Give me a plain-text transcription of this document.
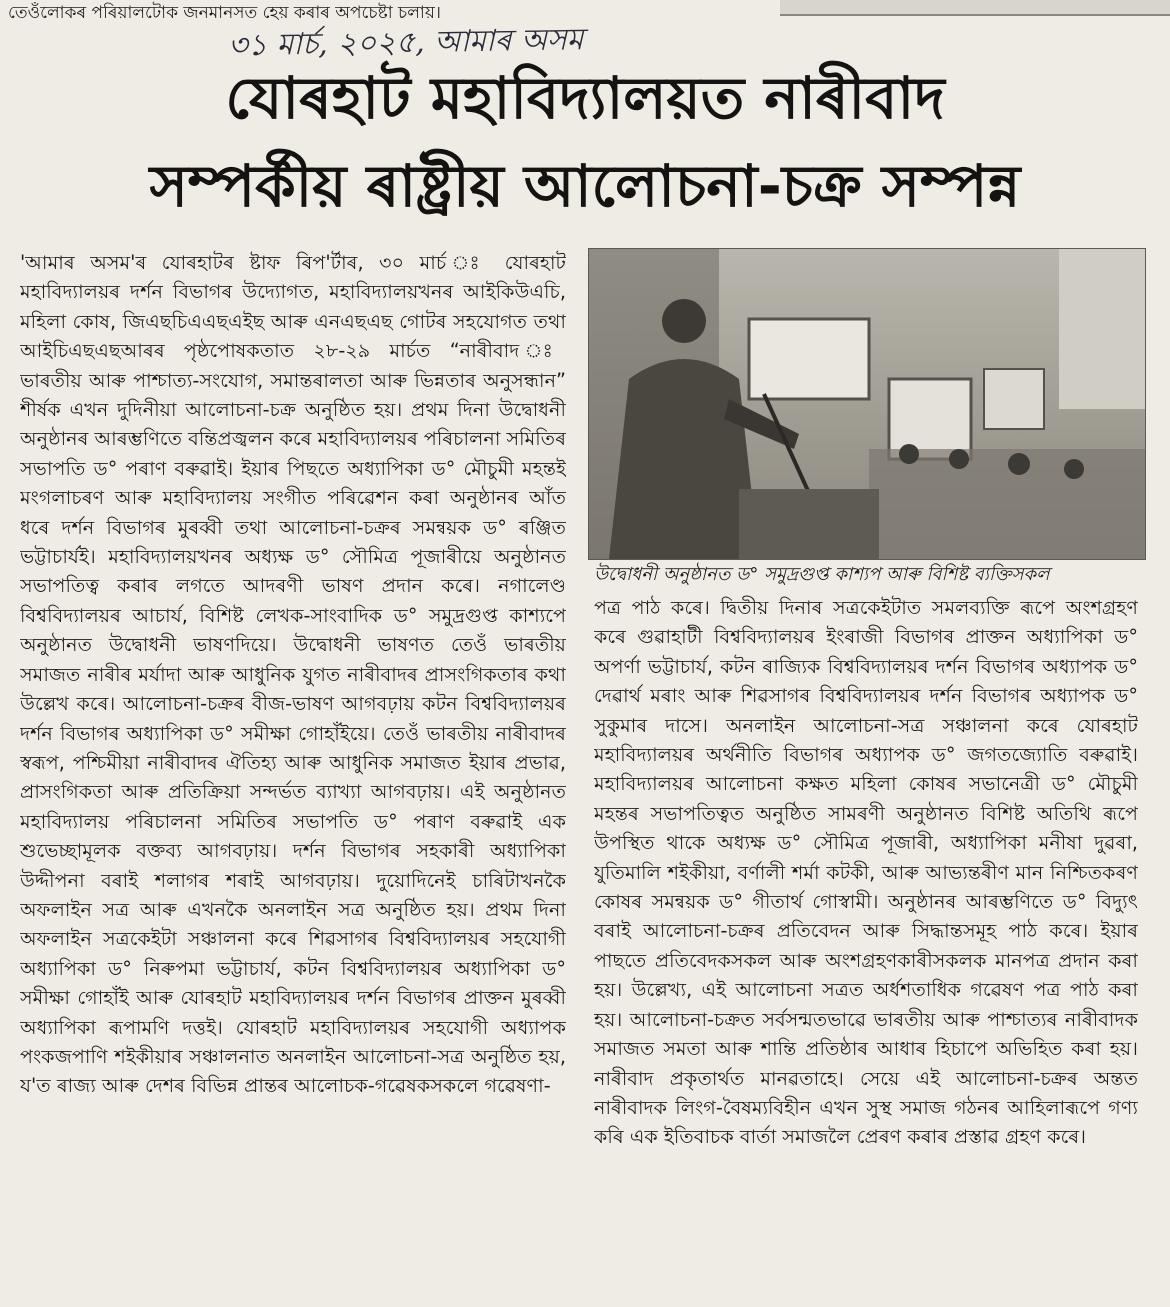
তেওঁলোকৰ পৰিয়ালটোক জনমানসত হেয় কৰাৰ অপচেষ্টা চলায়।
৩১ মাৰ্চ, ২০২৫, আমাৰ অসম
যোৰহাট মহাবিদ্যালয়ত নাৰীবাদ
সম্পৰ্কীয় ৰাষ্ট্ৰীয় আলোচনা-চক্ৰ সম্পন্ন

'আমাৰ অসম'ৰ যোৰহাটৰ ষ্টাফ ৰিপ'ৰ্টাৰ, ৩০ মাৰ্চ ঃ যোৰহাট মহাবিদ্যালয়ৰ দৰ্শন বিভাগৰ উদ্যোগত, মহাবিদ্যালয়খনৰ আইকিউএচি, মহিলা কোষ, জিএছচিএএছএইছ আৰু এনএছএছ গোটৰ সহযোগত তথা আইচিএছএছআৰৰ পৃষ্ঠপোষকতাত ২৮-২৯ মাৰ্চত “নাৰীবাদ ঃ ভাৰতীয় আৰু পাশ্চাত্য-সংযোগ, সমান্তৰালতা আৰু ভিন্নতাৰ অনুসন্ধান” শীৰ্ষক এখন দুদিনীয়া আলোচনা-চক্ৰ অনুষ্ঠিত হয়। প্ৰথম দিনা উদ্বোধনী অনুষ্ঠানৰ আৰম্ভণিতে বন্তিপ্ৰজ্বলন কৰে মহাবিদ্যালয়ৰ পৰিচালনা সমিতিৰ সভাপতি ড° পৰাণ বৰুৱাই। ইয়াৰ পিছতে অধ্যাপিকা ড° মৌচুমী মহন্তই মংগলাচৰণ আৰু মহাবিদ্যালয় সংগীত পৰিৱেশন কৰা অনুষ্ঠানৰ আঁত ধৰে দৰ্শন বিভাগৰ মুৰব্বী তথা আলোচনা-চক্ৰৰ সমন্বয়ক ড° ৰঞ্জিত ভট্টাচাৰ্যই। মহাবিদ্যালয়খনৰ অধ্যক্ষ ড° সৌমিত্ৰ পূজাৰীয়ে অনুষ্ঠানত সভাপতিত্ব কৰাৰ লগতে আদৰণী ভাষণ প্ৰদান কৰে। নগালেণ্ড বিশ্ববিদ্যালয়ৰ আচাৰ্য, বিশিষ্ট লেখক-সাংবাদিক ড° সমুদ্ৰগুপ্ত কাশ্যপে অনুষ্ঠানত উদ্বোধনী ভাষণদিয়ে। উদ্বোধনী ভাষণত তেওঁ ভাৰতীয় সমাজত নাৰীৰ মৰ্যাদা আৰু আধুনিক যুগত নাৰীবাদৰ প্ৰাসংগিকতাৰ কথা উল্লেখ কৰে। আলোচনা-চক্ৰৰ বীজ-ভাষণ আগবঢ়ায় কটন বিশ্ববিদ্যালয়ৰ দৰ্শন বিভাগৰ অধ্যাপিকা ড° সমীক্ষা গোহাঁইয়ে। তেওঁ ভাৰতীয় নাৰীবাদৰ স্বৰূপ, পশ্চিমীয়া নাৰীবাদৰ ঐতিহ্য আৰু আধুনিক সমাজত ইয়াৰ প্ৰভাৱ, প্ৰাসংগিকতা আৰু প্ৰতিক্ৰিয়া সন্দৰ্ভত ব্যাখ্যা আগবঢ়ায়। এই অনুষ্ঠানত মহাবিদ্যালয় পৰিচালনা সমিতিৰ সভাপতি ড° পৰাণ বৰুৱাই এক শুভেচ্ছামূলক বক্তব্য আগবঢ়ায়। দৰ্শন বিভাগৰ সহকাৰী অধ্যাপিকা উদ্দীপনা বৰাই শলাগৰ শৰাই আগবঢ়ায়। দুয়োদিনেই চাৰিটাখনকৈ অফলাইন সত্ৰ আৰু এখনকৈ অনলাইন সত্ৰ অনুষ্ঠিত হয়। প্ৰথম দিনা অফলাইন সত্ৰকেইটা সঞ্চালনা কৰে শিৱসাগৰ বিশ্ববিদ্যালয়ৰ সহযোগী অধ্যাপিকা ড° নিৰুপমা ভট্টাচাৰ্য, কটন বিশ্ববিদ্যালয়ৰ অধ্যাপিকা ড° সমীক্ষা গোহাঁই আৰু যোৰহাট মহাবিদ্যালয়ৰ দৰ্শন বিভাগৰ প্ৰাক্তন মুৰব্বী অধ্যাপিকা ৰূপামণি দত্তই। যোৰহাট মহাবিদ্যালয়ৰ সহযোগী অধ্যাপক পংকজপাণি শইকীয়াৰ সঞ্চালনাত অনলাইন আলোচনা-সত্ৰ অনুষ্ঠিত হয়, য'ত ৰাজ্য আৰু দেশৰ বিভিন্ন প্ৰান্তৰ আলোচক-গৱেষকসকলে গৱেষণা-

উদ্বোধনী অনুষ্ঠানত ড° সমুদ্ৰগুপ্ত কাশ্যপ আৰু বিশিষ্ট ব্যক্তিসকল

পত্ৰ পাঠ কৰে। দ্বিতীয় দিনাৰ সত্ৰকেইটাত সমলব্যক্তি ৰূপে অংশগ্ৰহণ কৰে গুৱাহাটী বিশ্ববিদ্যালয়ৰ ইংৰাজী বিভাগৰ প্ৰাক্তন অধ্যাপিকা ড° অপৰ্ণা ভট্টাচাৰ্য, কটন ৰাজ্যিক বিশ্ববিদ্যালয়ৰ দৰ্শন বিভাগৰ অধ্যাপক ড° দেৱাৰ্থ মৰাং আৰু শিৱসাগৰ বিশ্ববিদ্যালয়ৰ দৰ্শন বিভাগৰ অধ্যাপক ড° সুকুমাৰ দাসে। অনলাইন আলোচনা-সত্ৰ সঞ্চালনা কৰে যোৰহাট মহাবিদ্যালয়ৰ অৰ্থনীতি বিভাগৰ অধ্যাপক ড° জগতজ্যোতি বৰুৱাই। মহাবিদ্যালয়ৰ আলোচনা কক্ষত মহিলা কোষৰ সভানেত্ৰী ড° মৌচুমী মহন্তৰ সভাপতিত্বত অনুষ্ঠিত সামৰণী অনুষ্ঠানত বিশিষ্ট অতিথি ৰূপে উপস্থিত থাকে অধ্যক্ষ ড° সৌমিত্ৰ পূজাৰী, অধ্যাপিকা মনীষা দুৱৰা, যুতিমালি শইকীয়া, বৰ্ণালী শৰ্মা কটকী, আৰু আভ্যন্তৰীণ মান নিশ্চিতকৰণ কোষৰ সমন্বয়ক ড° গীতাৰ্থ গোস্বামী। অনুষ্ঠানৰ আৰম্ভণিতে ড° বিদ্যুৎ বৰাই আলোচনা-চক্ৰৰ প্ৰতিবেদন আৰু সিদ্ধান্তসমূহ পাঠ কৰে। ইয়াৰ পাছতে প্ৰতিবেদকসকল আৰু অংশগ্ৰহণকাৰীসকলক মানপত্ৰ প্ৰদান কৰা হয়। উল্লেখ্য, এই আলোচনা সত্ৰত অৰ্ধশতাধিক গৱেষণ পত্ৰ পাঠ কৰা হয়। আলোচনা-চক্ৰত সৰ্বসন্মতভাৱে ভাৰতীয় আৰু পাশ্চাত্যৰ নাৰীবাদক সমাজত সমতা আৰু শান্তি প্ৰতিষ্ঠাৰ আধাৰ হিচাপে অভিহিত কৰা হয়। নাৰীবাদ প্ৰকৃতাৰ্থত মানৱতাহে। সেয়ে এই আলোচনা-চক্ৰৰ অন্তত নাৰীবাদক লিংগ-বৈষম্যবিহীন এখন সুস্থ সমাজ গঠনৰ আহিলাৰূপে গণ্য কৰি এক ইতিবাচক বাৰ্তা সমাজলৈ প্ৰেৰণ কৰাৰ প্ৰস্তাৱ গ্ৰহণ কৰে।
